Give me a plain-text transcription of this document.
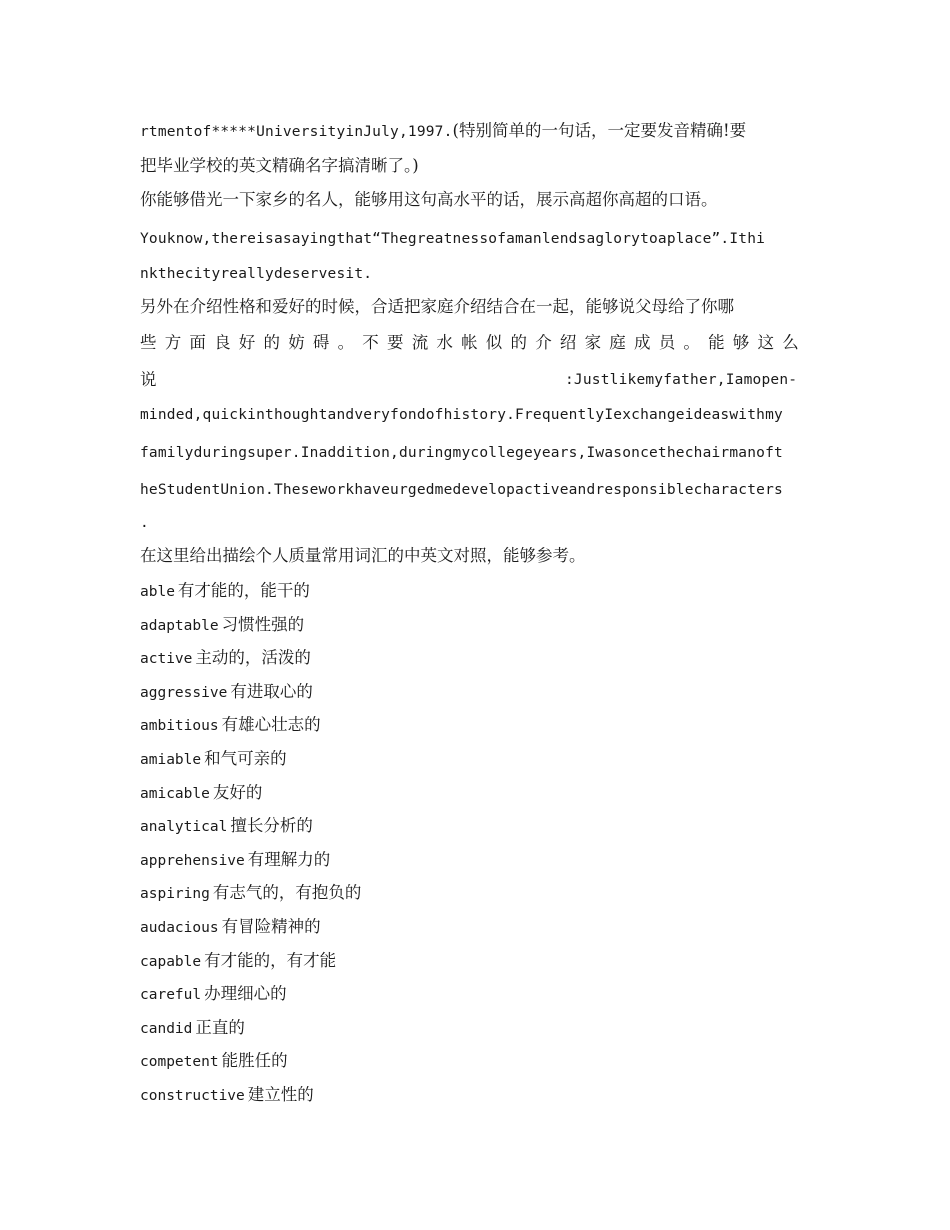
rtmentof*****UniversityinJuly,1997.(特别简单的一句话，一定要发音精确!要
把毕业学校的英文精确名字搞清晰了。)
你能够借光一下家乡的名人，能够用这句高水平的话，展示高超你高超的口语。
Youknow,thereisasayingthat“Thegreatnessofamanlendsaglorytoaplace”.Ithi
nkthecityreallydeservesit.
另外在介绍性格和爱好的时候，合适把家庭介绍结合在一起，能够说父母给了你哪
些方面良好的妨碍。不要流水帐似的介绍家庭成员。能够这么
说	:Justlikemyfather,Iamopen-
minded,quickinthoughtandveryfondofhistory.FrequentlyIexchangeideaswithmy
familyduringsuper.Inaddition,duringmycollegeyears,Iwasoncethechairmanoft
heStudentUnion.Theseworkhaveurgedmedevelopactiveandresponsiblecharacters
.
在这里给出描绘个人质量常用词汇的中英文对照，能够参考。
able 有才能的，能干的
adaptable 习惯性强的
active 主动的，活泼的
aggressive 有进取心的
ambitious 有雄心壮志的
amiable 和气可亲的
amicable 友好的
analytical 擅长分析的
apprehensive 有理解力的
aspiring 有志气的，有抱负的
audacious 有冒险精神的
capable 有才能的，有才能
careful 办理细心的
candid 正直的
competent 能胜任的
constructive 建立性的
